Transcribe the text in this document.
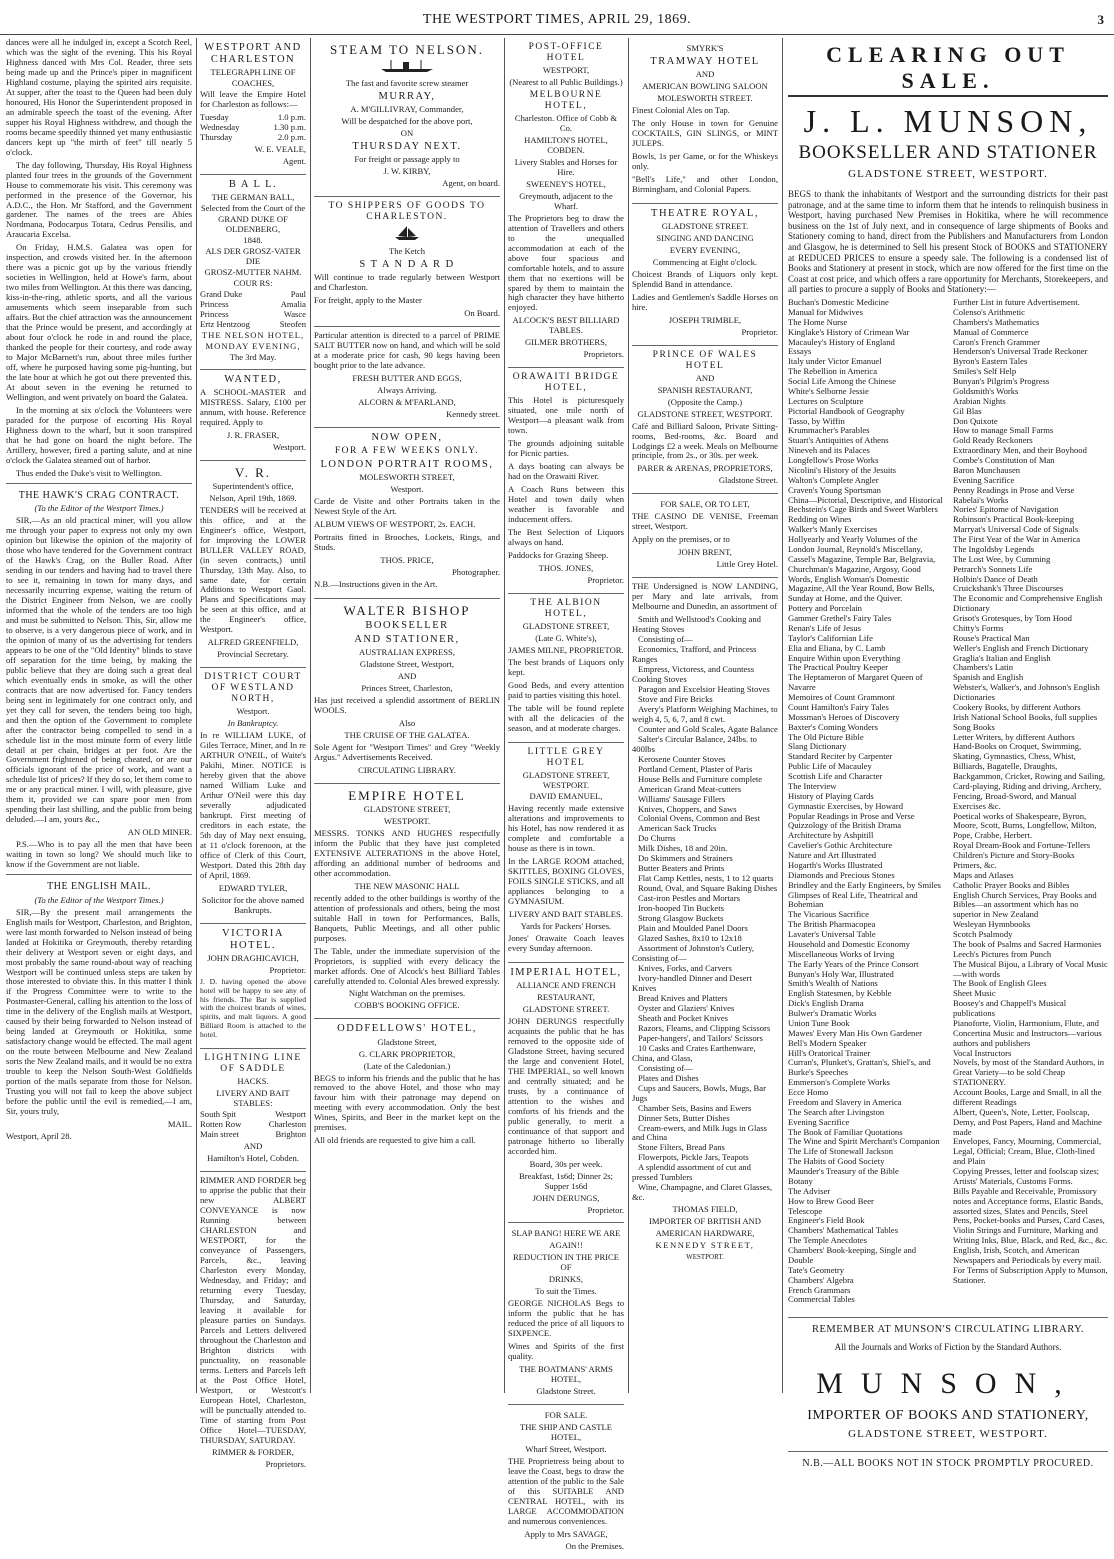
THE WESTPORT TIMES, APRIL 29, 1869.	3

dances were all he indulged in, except a Scotch Reel, which was the sight of the evening. This his Royal Highness danced with Mrs Col. Reader, three sets being made up and the Prince's piper in magnificent Highland costume, playing the spirited airs requisite. At supper, after the toast to the Queen had been duly honoured, His Honor the Superintendent proposed in an admirable speech the toast of the evening. After supper his Royal Highness withdrew, and though the rooms became speedily thinned yet many enthusiastic dancers kept up "the mirth of feet" till nearly 5 o'clock.

The day following, Thursday, His Royal Highness planted four trees in the grounds of the Government House to commemorate his visit. This ceremony was performed in the presence of the Governor, his A.D.C., the Hon. Mr Stafford, and the Government gardener. The names of the trees are Abies Nordmana, Podocarpus Totara, Cedrus Pensilis, and Araucaria Excelsa.

On Friday, H.M.S. Galatea was open for inspection, and crowds visited her. In the afternoon there was a picnic got up by the various friendly societies in Wellington, held at Howe's farm, about two miles from Wellington. At this there was dancing, kiss-in-the-ring, athletic sports, and all the various amusements which seem inseparable from such affairs. But the chief attraction was the announcement that the Prince would be present, and accordingly at about four o'clock he rode in and round the place, thanked the people for their courtesy, and rode away to Major McBarnett's run, about three miles further off, where he purposed having some pig-hunting, but the late hour at which he got out there prevented this. At about seven in the evening he returned to Wellington, and went privately on board the Galatea.

In the morning at six o'clock the Volunteers were paraded for the purpose of escorting His Royal Highness down to the wharf, but it soon transpired that he had gone on board the night before. The Artillery, however, fired a parting salute, and at nine o'clock the Galatea steamed out of harbor.

Thus ended the Duke's visit to Wellington.

THE HAWK'S CRAG CONTRACT.
(To the Editor of the Westport Times.)

SIR,—As an old practical miner, will you allow me through your paper to express not only my own opinion but likewise the opinion of the majority of those who have tendered for the Government contract of the Hawk's Crag, on the Buller Road. After sending in our tenders and having had to travel there to see it, remaining in town for many days, and necessarily incurring expense, waiting the return of the District Engineer from Nelson, we are coolly informed that the whole of the tenders are too high and must be submitted to Nelson. This, Sir, allow me to observe, is a very dangerous piece of work, and in the opinion of many of us the advertising for tenders appears to be one of the "Old Identity" blinds to stave off separation for the time being, by making the public believe that they are doing such a great deal which eventually ends in smoke, as will the other contracts that are now advertised for. Fancy tenders being sent in legitimately for one contract only, and yet they call for seven, the tenders being too high, and then the option of the Government to complete after the contractor being compelled to send in a schedule list in the most minute form of every little detail at per chain, bridges at per foot. Are the Government frightened of being cheated, or are our officials ignorant of the price of work, and want a schedule list of prices? If they do so, let them come to me or any practical miner. I will, with pleasure, give them it, provided we can spare poor men from spending their last shilling, and the public from being deluded.—I am, yours &c.,

AN OLD MINER.

P.S.—Who is to pay all the men that have been waiting in town so long? We should much like to know if the Government are not liable.

THE ENGLISH MAIL.
(To the Editor of the Westport Times.)

SIR,—By the present mail arrangements the English mails for Westport, Charleston, and Brighton, were last month forwarded to Nelson instead of being landed at Hokitika or Greymouth, thereby retarding their delivery at Westport seven or eight days, and most probably the same round-about way of reaching Westport will be continued unless steps are taken by those interested to obviate this. In this matter I think if the Progress Committee were to write to the Postmaster-General, calling his attention to the loss of time in the delivery of the English mails at Westport, caused by their being forwarded to Nelson instead of being landed at Greymouth or Hokitika, some satisfactory change would be effected. The mail agent on the route between Melbourne and New Zealand sorts the New Zealand mails, and it would be no extra trouble to keep the Nelson South-West Goldfields portion of the mails separate from those for Nelson. Trusting you will not fail to keep the above subject before the public until the evil is remedied,—I am, Sir, yours truly,

MAIL.
Westport, April 28.
WESTPORT AND CHARLESTON
TELEGRAPH LINE OF
COACHES,

Will leave the Empire Hotel for Charleston as follows:—

Tuesday	1.0 p.m.
Wednesday	1.30 p.m.
Thursday	2.0 p.m.
W. E. VEALE,
Agent.
B A L L.
THE GERMAN BALL,
Selected from the Court of the
GRAND DUKE OF OLDENBERG,
1848.
ALS DER GROSZ-VATER DIE
GROSZ-MUTTER NAHM.
COUR RS:
Grand Duke	Paul
Princess	Amalia
Princess	Wasce
Ertz Hentzoog	Steofen
THE NELSON HOTEL,
MONDAY EVENING,
The 3rd May.
WANTED,

A SCHOOL-MASTER and MISTRESS. Salary, £100 per annum, with house. Reference required. Apply to

J. R. FRASER,
Westport.
V. R.
Superintendent's office,
Nelson, April 19th, 1869.

TENDERS will be received at this office, and at the Engineer's office, Westport, for improving the LOWER BULLER VALLEY ROAD, (in seven contracts,) until Thursday, 13th May. Also, to same date, for certain Additions to Westport Gaol. Plans and Specifications may be seen at this office, and at the Engineer's office, Westport.

ALFRED GREENFIELD,
Provincial Secretary.
DISTRICT COURT OF WESTLAND NORTH,
Westport.
In Bankruptcy.

In re WILLIAM LUKE, of Giles Terrace, Miner, and In re ARTHUR O'NEIL, of Waite's Pakihi, Miner. NOTICE is hereby given that the above named William Luke and Arthur O'Neil were this day severally adjudicated bankrupt. First meeting of creditors in each estate, the 5th day of May next ensuing, at 11 o'clock forenoon, at the office of Clerk of this Court, Westport. Dated this 28th day of April, 1869.

EDWARD TYLER,
Solicitor for the above named Bankrupts.
VICTORIA HOTEL.
JOHN DRAGHICAVICH,
Proprietor.

J. D. having opened the above hotel will be happy to see any of his friends. The Bar is supplied with the choicest brands of wines, spirits, and malt liquors. A good Billiard Room is attached to the hotel.

LIGHTNING LINE OF SADDLE
HACKS.
LIVERY AND BAIT STABLES:
South Spit	Westport
Rotten Row	Charleston
Main street	Brighton
AND
Hamilton's Hotel, Cobden.

RIMMER AND FORDER beg to apprise the public that their new ALBERT CONVEYANCE is now Running between CHARLESTON and WESTPORT, for the conveyance of Passengers, Parcels, &c., leaving Charleston every Monday, Wednesday, and Friday; and returning every Tuesday, Thursday, and Saturday, leaving it available for pleasure parties on Sundays. Parcels and Letters delivered throughout the Charleston and Brighton districts with punctuality, on reasonable terms. Letters and Parcels left at the Post Office Hotel, Westport, or Westcott's European Hotel, Charleston, will be punctually attended to. Time of starting from Post Office Hotel—TUESDAY, THURSDAY, SATURDAY.

RIMMER & FORDER,
Proprietors.
STEAM TO NELSON.
The fast and favorite screw steamer
MURRAY,
A. M'GILLIVRAY, Commander,
Will be despatched for the above port,
ON
THURSDAY NEXT.
For freight or passage apply to
J. W. KIRBY,
Agent, on board.
TO SHIPPERS OF GOODS TO CHARLESTON.
The Ketch
S T A N D A R D

Will continue to trade regularly between Westport and Charleston.

For freight, apply to the Master

On Board.

Particular attention is directed to a parcel of PRIME SALT BUTTER now on hand, and which will be sold at a moderate price for cash, 90 kegs having been bought prior to the late advance.

FRESH BUTTER AND EGGS,
Always Arriving.
ALCORN & M'FARLAND,
Kennedy street.
NOW OPEN,
FOR A FEW WEEKS ONLY.
LONDON PORTRAIT ROOMS,
MOLESWORTH STREET,
Westport.

Carde de Visite and other Portraits taken in the Newest Style of the Art.

ALBUM VIEWS OF WESTPORT, 2s. EACH.

Portraits fitted in Brooches, Lockets, Rings, and Studs.

THOS. PRICE,
Photographer.

N.B.—Instructions given in the Art.

WALTER BISHOP
BOOKSELLER
AND STATIONER,
AUSTRALIAN EXPRESS,
Gladstone Street, Westport,
AND
Princes Street, Charleston,

Has just received a splendid assortment of BERLIN WOOLS.

Also
THE CRUISE OF THE GALATEA.

Sole Agent for "Westport Times" and Grey "Weekly Argus." Advertisements Received.

CIRCULATING LIBRARY.
EMPIRE HOTEL
GLADSTONE STREET,
WESTPORT.

MESSRS. TONKS AND HUGHES respectfully inform the Public that they have just completed EXTENSIVE ALTERATIONS in the above Hotel, affording an additional number of bedrooms and other accommodation.

THE NEW MASONIC HALL

recently added to the other buildings is worthy of the attention of professionals and others, being the most suitable Hall in town for Performances, Balls, Banquets, Public Meetings, and all other public purposes.

The Table, under the immediate supervision of the Proprietors, is supplied with every delicacy the market affords. One of Alcock's best Billiard Tables carefully attended to. Colonial Ales brewed expressly.

Night Watchman on the premises.
COBB'S BOOKING OFFICE.
ODDFELLOWS' HOTEL,
Gladstone Street,
G. CLARK PROPRIETOR,
(Late of the Caledonian.)

BEGS to inform his friends and the public that he has removed to the above Hotel, and those who may favour him with their patronage may depend on meeting with every accommodation. Only the best Wines, Spirits, and Beer in the market kept on the premises.

All old friends are requested to give him a call.

POST-OFFICE HOTEL
WESTPORT,
(Nearest to all Public Buildings.)
MELBOURNE HOTEL,
Charleston. Office of Cobb & Co.
HAMILTON'S HOTEL, COBDEN.
Livery Stables and Horses for Hire.
SWEENEY'S HOTEL,
Greymouth, adjacent to the Wharf.

The Proprietors beg to draw the attention of Travellers and others to the unequalled accommodation at each of the above four spacious and comfortable hotels, and to assure them that no exertions will be spared by them to maintain the high character they have hitherto enjoyed.

ALCOCK'S BEST BILLIARD TABLES.
GILMER BROTHERS,
Proprietors.
ORAWAITI BRIDGE HOTEL,

This Hotel is picturesquely situated, one mile north of Westport—a pleasant walk from town.

The grounds adjoining suitable for Picnic parties.

A days boating can always be had on the Orawaiti River.

A Coach Runs between this Hotel and town daily when weather is favorable and inducement offers.

The Best Selection of Liquors always on hand.

Paddocks for Grazing Sheep.

THOS. JONES,
Proprietor.
THE ALBION HOTEL,
GLADSTONE STREET,
(Late G. White's),
JAMES MILNE, PROPRIETOR.

The best brands of Liquors only kept.

Good Beds, and every attention paid to parties visiting this hotel.

The table will be found replete with all the delicacies of the season, and at moderate charges.

LITTLE GREY HOTEL
GLADSTONE STREET, WESTPORT.
DAVID EMANUEL,

Having recently made extensive alterations and improvements to his Hotel, has now rendered it as complete and comfortable a house as there is in town.

In the LARGE ROOM attached, SKITTLES, BOXING GLOVES, FOILS SINGLE STICKS, and all appliances belonging to a GYMNASIUM.

LIVERY AND BAIT STABLES.
Yards for Packers' Horses.

Jones' Orawaite Coach leaves every Sunday afternoon.

IMPERIAL HOTEL,
ALLIANCE AND FRENCH
RESTAURANT,
GLADSTONE STREET.

JOHN DERUNGS respectfully acquaints the public that he has removed to the opposite side of Gladstone Street, having secured the large and convenient Hotel, THE IMPERIAL, so well known and centrally situated; and he trusts, by a continuance of attention to the wishes and comforts of his friends and the public generally, to merit a continuance of that support and patronage hitherto so liberally accorded him.

Board, 30s per week.
Breakfast, 1s6d; Dinner 2s; Supper 1s6d
JOHN DERUNGS,
Proprietor.
SLAP BANG! HERE WE ARE
AGAIN!!
REDUCTION IN THE PRICE OF
DRINKS,
To suit the Times.

GEORGE NICHOLAS Begs to inform the public that he has reduced the price of all liquors to SIXPENCE.

Wines and Spirits of the first quality.

THE BOATMANS' ARMS HOTEL,
Gladstone Street.
FOR SALE.
THE SHIP AND CASTLE HOTEL,
Wharf Street, Westport.

THE Proprietress being about to leave the Coast, begs to draw the attention of the public to the Sale of this SUITABLE AND CENTRAL HOTEL, with its LARGE ACCOMMODATION and numerous conveniences.

Apply to Mrs SAVAGE,
On the Premises.
SMYRK'S
TRAMWAY HOTEL
AND
AMERICAN BOWLING SALOON
MOLESWORTH STREET.

Finest Colonial Ales on Tap.

The only House in town for Genuine COCKTAILS, GIN SLINGS, or MINT JULEPS.

Bowls, 1s per Game, or for the Whiskeys only.

"Bell's Life," and other London, Birmingham, and Colonial Papers.

THEATRE ROYAL,
GLADSTONE STREET.
SINGING AND DANCING
EVERY EVENING,
Commencing at Eight o'clock.

Choicest Brands of Liquors only kept. Splendid Band in attendance.

Ladies and Gentlemen's Saddle Horses on hire.

JOSEPH TRIMBLE,
Proprietor.
PRINCE OF WALES HOTEL
AND
SPANISH RESTAURANT,
(Opposite the Camp.)
GLADSTONE STREET, WESTPORT.

Café and Billiard Saloon, Private Sitting-rooms, Bed-rooms, &c. Board and Lodgings £2 a week. Meals on Melbourne principle, from 2s., or 30s. per week.

PARER & ARENAS, PROPRIETORS,
Gladstone Street.
FOR SALE, OR TO LET,

THE CASINO DE VENISE, Freeman street, Westport.

Apply on the premises, or to

JOHN BRENT,
Little Grey Hotel.

THE Undersigned is NOW LANDING, per Mary and late arrivals, from Melbourne and Dunedin, an assortment of

Smith and Wellstood's Cooking and Heating Stoves
Consisting of—
Economics, Trafford, and Princess Ranges
Empress, Victoress, and Countess Cooking Stoves
Paragon and Excelsior Heating Stoves
Stove and Fire Bricks
Avery's Platform Weighing Machines, to weigh 4, 5, 6, 7, and 8 cwt.
Counter and Gold Scales, Agate Balance
Salter's Circular Balance, 24lbs. to 400lbs
Kerosene Counter Stoves
Portland Cement, Plaster of Paris
House Bells and Furniture complete
American Grand Meat-cutters
Williams' Sausage Fillers
Knives, Choppers, and Saws
Colonial Ovens, Common and Best
American Sack Trucks
Do Churns
Milk Dishes, 18 and 20in.
Do Skimmers and Strainers
Butter Beaters and Prints
Flat Camp Kettles, nests, 1 to 12 quarts
Round, Oval, and Square Baking Dishes
Cast-iron Pestles and Mortars
Iron-hooped Tin Buckets
Strong Glasgow Buckets
Plain and Moulded Panel Doors
Glazed Sashes, 8x10 to 12x18
Assortment of Johnston's Cutlery, Consisting of—
Knives, Forks, and Carvers
Ivory-handled Dinner and Desert Knives
Bread Knives and Platters
Oyster and Glaziers' Knives
Sheath and Pocket Knives
Razors, Fleams, and Clipping Scissors
Paper-hangers', and Tailors' Scissors
10 Casks and Crates Earthenware, China, and Glass,
Consisting of—
Plates and Dishes
Cups and Saucers, Bowls, Mugs, Bar Jugs
Chamber Sets, Basins and Ewers
Dinner Sets, Butter Dishes
Cream-ewers, and Milk Jugs in Glass and China
Stone Filters, Bread Pans
Flowerpots, Pickle Jars, Teapots
A splendid assortment of cut and pressed Tumblers
Wine, Champagne, and Claret Glasses, &c.
THOMAS FIELD,
IMPORTER OF BRITISH AND
AMERICAN HARDWARE,
KENNEDY STREET,
WESTPORT.
CLEARING OUT SALE.
J. L. MUNSON,
BOOKSELLER AND STATIONER
GLADSTONE STREET, WESTPORT.
BEGS to thank the inhabitants of Westport and the surrounding districts for their past patronage, and at the same time to inform them that he intends to relinquish business in Westport, having purchased New Premises in Hokitika, where he will recommence business on the 1st of July next, and in consequence of large shipments of Books and Stationery coming to hand, direct from the Publishers and Manufacturers from London and Glasgow, he is determined to Sell his present Stock of BOOKS and STATIONERY at REDUCED PRICES to ensure a speedy sale. The following is a condensed list of Books and Stationery at present in stock, which are now offered for the first time on the Coast at cost price, and which offers a rare opportunity for Merchants, Storekeepers, and all parties to procure a supply of Books and Stationery:—
Buchan's Domestic Medicine
Manual for Midwives
The Home Nurse
Kinglake's History of Crimean War
Macauley's History of England
Essays
Italy under Victor Emanuel
The Rebellion in America
Social Life Among the Chinese
White's Selborne Jessie
Lectures on Sculpture
Pictorial Handbook of Geography
Tasso, by Wiffin
Krummacher's Parables
Stuart's Antiquities of Athens
Nineveh and its Palaces
Longfellow's Prose Works
Nicolini's History of the Jesuits
Walton's Complete Angler
Craven's Young Sportsman
China—Pictorial, Descriptive, and Historical
Bechstein's Cage Birds and Sweet Warblers
Redding on Wines
Walker's Manly Exercises
Hollyearly and Yearly Volumes of the London Journal, Reynold's Miscellany, Cassel's Magazine, Temple Bar, Belgravia, Churchman's Magazine, Argosy, Good Words, English Woman's Domestic Magazine, All the Year Round, Bow Bells, Sunday at Home, and the Quiver.
Pottery and Porcelain
Gammer Grethel's Fairy Tales
Renan's Life of Jesus
Taylor's Californian Life
Elia and Eliana, by C. Lamb
Enquire Within upon Everything
The Practical Poultry Keeper
The Heptameron of Margaret Queen of Navarre
Memoires of Count Grammont
Count Hamilton's Fairy Tales
Mossman's Heroes of Discovery
Baxter's Coming Wonders
The Old Picture Bible
Slang Dictionary
Standard Reciter by Carpenter
Public Life of Macauley
Scottish Life and Character
The Interview
History of Playing Cards
Gymnastic Exercises, by Howard
Popular Readings in Prose and Verse
Quizzology of the British Drama
Architecture by Ashpitill
Cavelier's Gothic Architecture
Nature and Art Illustrated
Hogarth's Works Illustrated
Diamonds and Precious Stones
Brindley and the Early Engineers, by Smiles
Glimpses of Real Life, Theatrical and Bohemian
The Vicarious Sacrifice
The British Pharmacopea
Lavater's Universal Table
Household and Domestic Economy
Miscellaneous Works of Irving
The Early Years of the Prince Consort
Bunyan's Holy War, Illustrated
Smith's Wealth of Nations
English Statesmen, by Kebble
Dick's English Drama
Bulwer's Dramatic Works
Union Tune Book
Mawes' Every Man His Own Gardener
Bell's Modern Speaker
Hill's Oratorical Trainer
Curran's, Plunket's, Grattan's, Shiel's, and Burke's Speeches
Emmerson's Complete Works
Ecce Homo
Freedom and Slavery in America
The Search after Livingston
Evening Sacrifice
The Book of Familiar Quotations
The Wine and Spirit Merchant's Companion
The Life of Stonewall Jackson
The Habits of Good Society
Maunder's Treasury of the Bible
Botany
The Adviser
How to Brew Good Beer
Telescope
Engineer's Field Book
Chambers' Mathematical Tables
The Temple Anecdotes
Chambers' Book-keeping, Single and Double
Tate's Geometry
Chambers' Algebra
French Grammars
Commercial Tables
Further List in future Advertisement.
Colenso's Arithmetic
Chambers's Mathematics
Manual of Commerce
Caron's French Grammer
Henderson's Universal Trade Reckoner
Byron's Eastern Tales
Smiles's Self Help
Bunyan's Pilgrim's Progress
Goldsmith's Works
Arabian Nights
Gil Blas
Don Quixote
How to manage Small Farms
Gold Ready Reckoners
Extraordinary Men, and their Boyhood
Combe's Constitution of Man
Baron Munchausen
Evening Sacrifice
Penny Readings in Prose and Verse
Rabelai's Works
Nories' Epitome of Navigation
Robinson's Practical Book-keeping
Marryat's Universal Code of Signals
The First Year of the War in America
The Ingoldsby Legends
The Lost Wee, by Cumming
Petrarch's Sonnets Life
Holbin's Dance of Death
Cruickshank's Three Discourses
The Economic and Comprehensive English Dictionary
Grisot's Grotesques, by Tom Hood
Chitty's Forms
Rouse's Practical Man
Weller's English and French Dictionary
Graglia's Italian and English
Chambers's Latin
Spanish and English
Webster's, Walker's, and Johnson's English Dictionaries
Cookery Books, by different Authors
Irish National School Books, full supplies
Song Books
Letter Writers, by different Authors
Hand-Books on Croquet, Swimming, Skating, Gymnastics, Chess, Whist, Billiards, Bagatelle, Draughts, Backgammon, Cricket, Rowing and Sailing, Card-playing, Riding and driving, Archery, Fencing, Broad-Sword, and Manual Exercises &c.
Poetical works of Shakespeare, Byron, Moore, Scott, Burns, Longfellow, Milton, Pope, Crabbe, Herbert.
Royal Dream-Book and Fortune-Tellers
Children's Picture and Story-Books
Primers, &c.
Maps and Atlases
Catholic Prayer Books and Bibles
English Church Services, Pray Books and Bibles—an assortment which has no superior in New Zealand
Wesleyan Hymnbooks
Scotch Psalmody
The book of Psalms and Sacred Harmonies
Leech's Pictures from Punch
The Musical Bijou, a Library of Vocal Music—with words
The Book of English Glees
Sheet Music
Boosey's and Chappell's Musical publications
Pianoforte, Violin, Harmonium, Flute, and Concertina Music and Instructors—various authors and publishers
Vocal Instructors
Novels, by most of the Standard Authors, in Great Variety—to be sold Cheap
STATIONERY.
Account Books, Large and Small, in all the different Readings
Albert, Queen's, Note, Letter, Foolscap, Demy, and Post Papers, Hand and Machine made
Envelopes, Fancy, Mourning, Commercial, Legal, Official; Cream, Blue, Cloth-lined and Plain
Copying Presses, letter and foolscap sizes; Artists' Materials, Customs Forms.
Bills Payable and Receivable, Promissory notes and Acceptance forms, Elastic Bands, assorted sizes, Slates and Pencils, Steel Pens, Pocket-books and Purses, Card Cases, Violin Strings and Furniture, Marking and Writing Inks, Blue, Black, and Red, &c., &c.
English, Irish, Scotch, and American Newspapers and Periodicals by every mail. For Terms of Subscription Apply to Munson, Stationer.
REMEMBER AT MUNSON'S CIRCULATING LIBRARY.
All the Journals and Works of Fiction by the Standard Authors.
MUNSON,
IMPORTER OF BOOKS AND STATIONERY,
GLADSTONE STREET, WESTPORT.
N.B.—ALL BOOKS NOT IN STOCK PROMPTLY PROCURED.
